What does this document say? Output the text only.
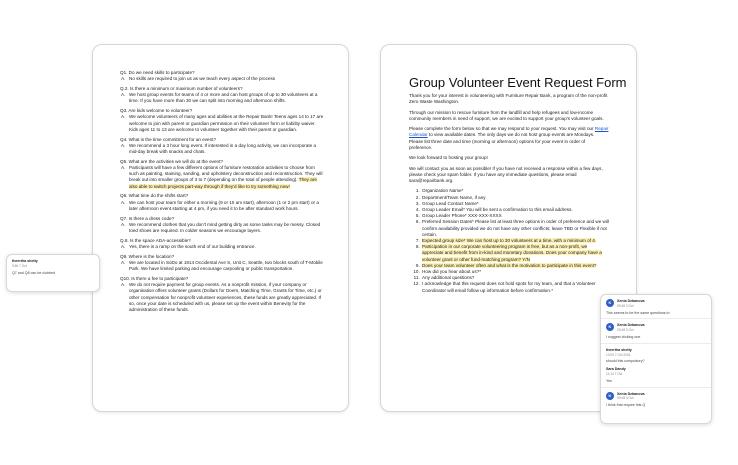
Q1. Do we need skills to participate?

A. No skills are required to join us as we teach every aspect of the process

Q.2. Is there a minimum or maximum number of volunteers?

A. We host group events for teams of 4 or more and can host groups of up to 30 volunteers at a time. If you have more than 30 we can split into morning and afternoon shifts.

Q3. Are kids welcome to volunteer?

A. We welcome volunteers of many ages and abilities at the Repair Bank! Teens ages 14 to 17 are welcome to join with parent or guardian permission on their volunteer form or liability waiver. Kids ages 11 to 13 are welcome to volunteer together with their parent or guardian.

Q4. What is the time commitment for an event?

A. We recommend a 3 hour long event. If interested in a day long activity, we can incorporate a mid-day break with snacks and chats.

Q5. What are the activities we will do at the event?

A. Participants will have a few different options of furniture restoration activities to choose from such as painting, staining, sanding, and upholstery deconstruction and reconstruction. They will break out into smaller groups of 3 to 7 (depending on the total of people attending). They are also able to switch projects part-way through if they'd like to try something new!

Q6. What time do the shifts start?

A. We can host your team for either a morning (9 or 10 am start), afternoon (1 or 2 pm start) or a later afternoon event starting at 4 pm, if you need it to be after standard work hours.

Q7. Is there a dress code?

A. We recommend clothes that you don't mind getting dirty as some tasks may be messy. Closed toed shoes are required. In colder seasons we encourage layers.

Q.8. Is the space ADA-accessible?

A. Yes, there is a ramp on the south end of our building entrance.

Q9. Where is the location?

A. We are located in SoDo at 1914 Occidental Ave S, Unit C, Seattle, two blocks south of T-Mobile Park. We have limited parking and encourage carpooling or public transportation.

Q10. Is there a fee to participate?

A. We do not require payment for group events. As a nonprofit mission, if your company or organisation offers volunteer grants (Dollars for Doers, Matching Time, Grants for Time, etc.) or other compensation for nonprofit volunteer experiences, these funds are greatly appreciated. If so, once your date is scheduled with us, please set up the event within Benevity for the administration of these funds.
Group Volunteer Event Request Form

Thank you for your interest in volunteering with Furniture Repair Bank, a program of the non-profit Zero Waste Washington.

Through our mission to rescue furniture from the landfill and help refugees and low-income community members in need of support, we are excited to support your group's volunteer goals.

Please complete the form below so that we may respond to your request. You may visit our Repair Calendar to view available dates. The only days we do not host group events are Mondays. Please list three date and time (morning or afternoon) options for your event in order of preference.

We look forward to hosting your group!

We will contact you as soon as possible! If you have not received a response within a few days, please check your spam folder. If you have any immediate questions, please email sara@repairbank.org.

1. Organization Name*
2. Department/Team Name, if any
3. Group Lead Contact Name*
4. Group Leader Email* You will be sent a confirmation to this email address.
5. Group Leader Phone* XXX-XXX-XXXX
6. Preferred Session Dates* Please list at least three options in order of preference and we will confirm availability provided we do not have any other conflicts; leave TBD or Flexible if not certain.
7. Expected group size* We can host up to 30 volunteers at a time, with a minimum of 4.
8. Participation in our corporate volunteering program is free, but as a non-profit, we appreciate and benefit from in-kind and monetary donations. Does your company have a volunteer grant or other fund-matching program? Y/N
9. Does your team volunteer often and what is the motivation to participate in this event?
10. How did you hear about us?*
11. Any additional questions?
12. I acknowledge that this request does not hold spots for my team, and that a Volunteer Coordinator will email follow up information before confirmation.*
theertha shetty
9:56 7 Oct
Q7 and Q8 can be clubbed
K	Xenia Dzbanova
09:48 3 Oct
This seems to be the same questions to
K	Xenia Dzbanova
09:48 3 Oct
I suggest clicking one
theertha shetty
10:05 7 Oct 2024
should this compulsory?
Sara Dandy
11:14 7 Oct
Yes
K	Xenia Dzbanova
09:48 3 Oct
I think that require this Q
